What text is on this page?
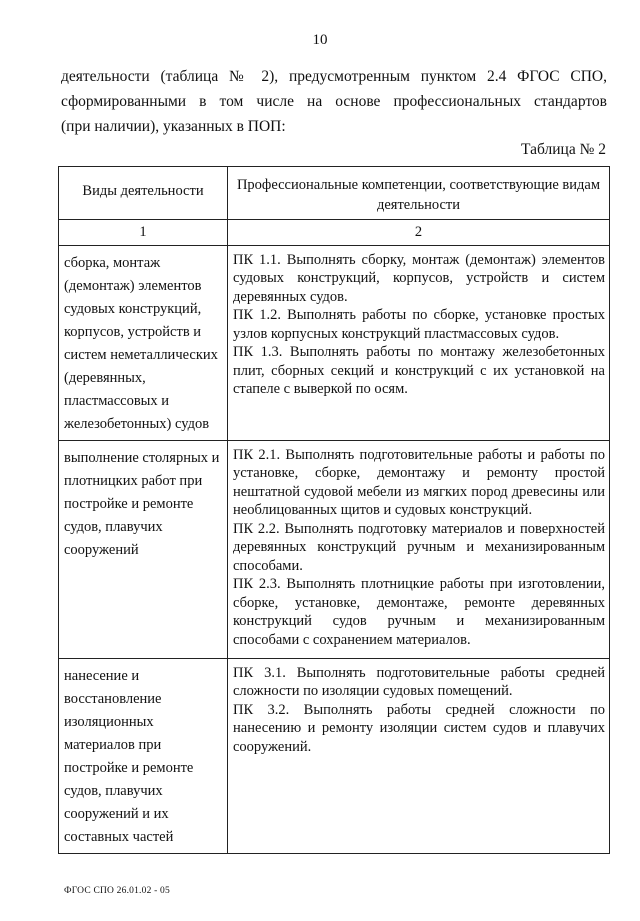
10

деятельности (таблица № 2), предусмотренным пунктом 2.4 ФГОС СПО,

сформированными в том числе на основе профессиональных стандартов

(при наличии), указанных в ПОП:

Таблица № 2
Виды деятельности	Профессиональные компетенции, соответствующие видам деятельности
1	2
сборка, монтаж (демонтаж) элементов судовых конструкций, корпусов, устройств и систем неметаллических (деревянных, пластмассовых и железобетонных) судов	ПК 1.1. Выполнять сборку, монтаж (демонтаж) элементов судовых конструкций, корпусов, устройств и систем деревянных судов.

ПК 1.2. Выполнять работы по сборке, установке простых узлов корпусных конструкций пластмассовых судов.

ПК 1.3. Выполнять работы по монтажу железобетонных плит, сборных секций и конструкций с их установкой на стапеле с выверкой по осям.

выполнение столярных и плотницких работ при постройке и ремонте судов, плавучих сооружений	ПК 2.1. Выполнять подготовительные работы и работы по установке, сборке, демонтажу и ремонту простой нештатной судовой мебели из мягких пород древесины или необлицованных щитов и судовых конструкций.

ПК 2.2. Выполнять подготовку материалов и поверхностей деревянных конструкций ручным и механизированным способами.

ПК 2.3. Выполнять плотницкие работы при изготовлении, сборке, установке, демонтаже, ремонте деревянных конструкций судов ручным и механизированным способами с сохранением материалов.

нанесение и восстановление изоляционных материалов при постройке и ремонте судов, плавучих сооружений и их составных частей	ПК 3.1. Выполнять подготовительные работы средней сложности по изоляции судовых помещений.

ПК 3.2. Выполнять работы средней сложности по нанесению и ремонту изоляции систем судов и плавучих сооружений.

ФГОС СПО 26.01.02 - 05
